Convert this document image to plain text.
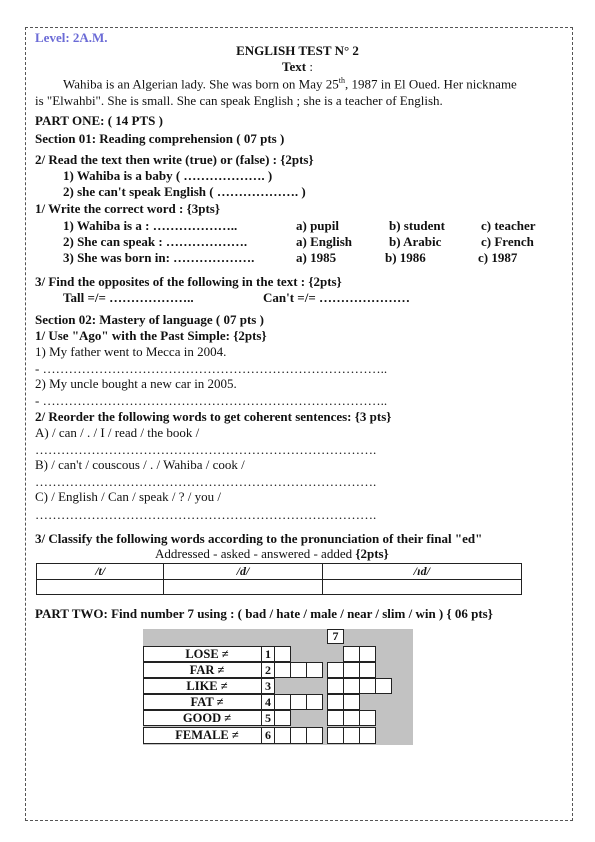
Level: 2A.M.
ENGLISH TEST N° 2
Text :
Wahiba is an Algerian lady. She was born on May 25th, 1987 in El Oued. Her nickname
is "Elwahbi". She is small. She can speak English ; she is a teacher of English.
PART ONE: ( 14 PTS )
Section 01: Reading comprehension ( 07 pts )
2/ Read the text then write (true) or (false) : {2pts}
1) Wahiba is a baby ( ………………. )
2) she can't speak English ( ………………. )
1/ Write the correct word : {3pts}
1) Wahiba is a : ………………..	a) pupil	b) student	c) teacher
2) She can speak : ……………….	a) English	b) Arabic	c) French
3) She was born in: ……………….	a) 1985	b) 1986	c) 1987
3/ Find the opposites of the following in the text : {2pts}
Tall =/= ………………..	Can't =/= …………………
Section 02: Mastery of language ( 07 pts )
1/ Use "Ago" with the Past Simple: {2pts}
1) My father went to Mecca in 2004.
- ……………………………………………………………………..
2) My uncle bought a new car in 2005.
- ……………………………………………………………………..
2/ Reorder the following words to get coherent sentences: {3 pts}
A) / can / . / I / read / the book /
…………………………………………………………………….
B) / can't / couscous / . / Wahiba / cook /
…………………………………………………………………….
C) / English / Can / speak / ? / you /
…………………………………………………………………….
3/ Classify the following words according to the pronunciation of their final "ed"
Addressed - asked - answered - added {2pts}
/t/	/d/	/ɪd/

PART TWO: Find number 7 using : ( bad / hate / male / near / slim / win ) { 06 pts}
7
LOSE ≠	1
FAR ≠	2
LIKE ≠	3
FAT ≠	4
GOOD ≠	5
FEMALE ≠	6
